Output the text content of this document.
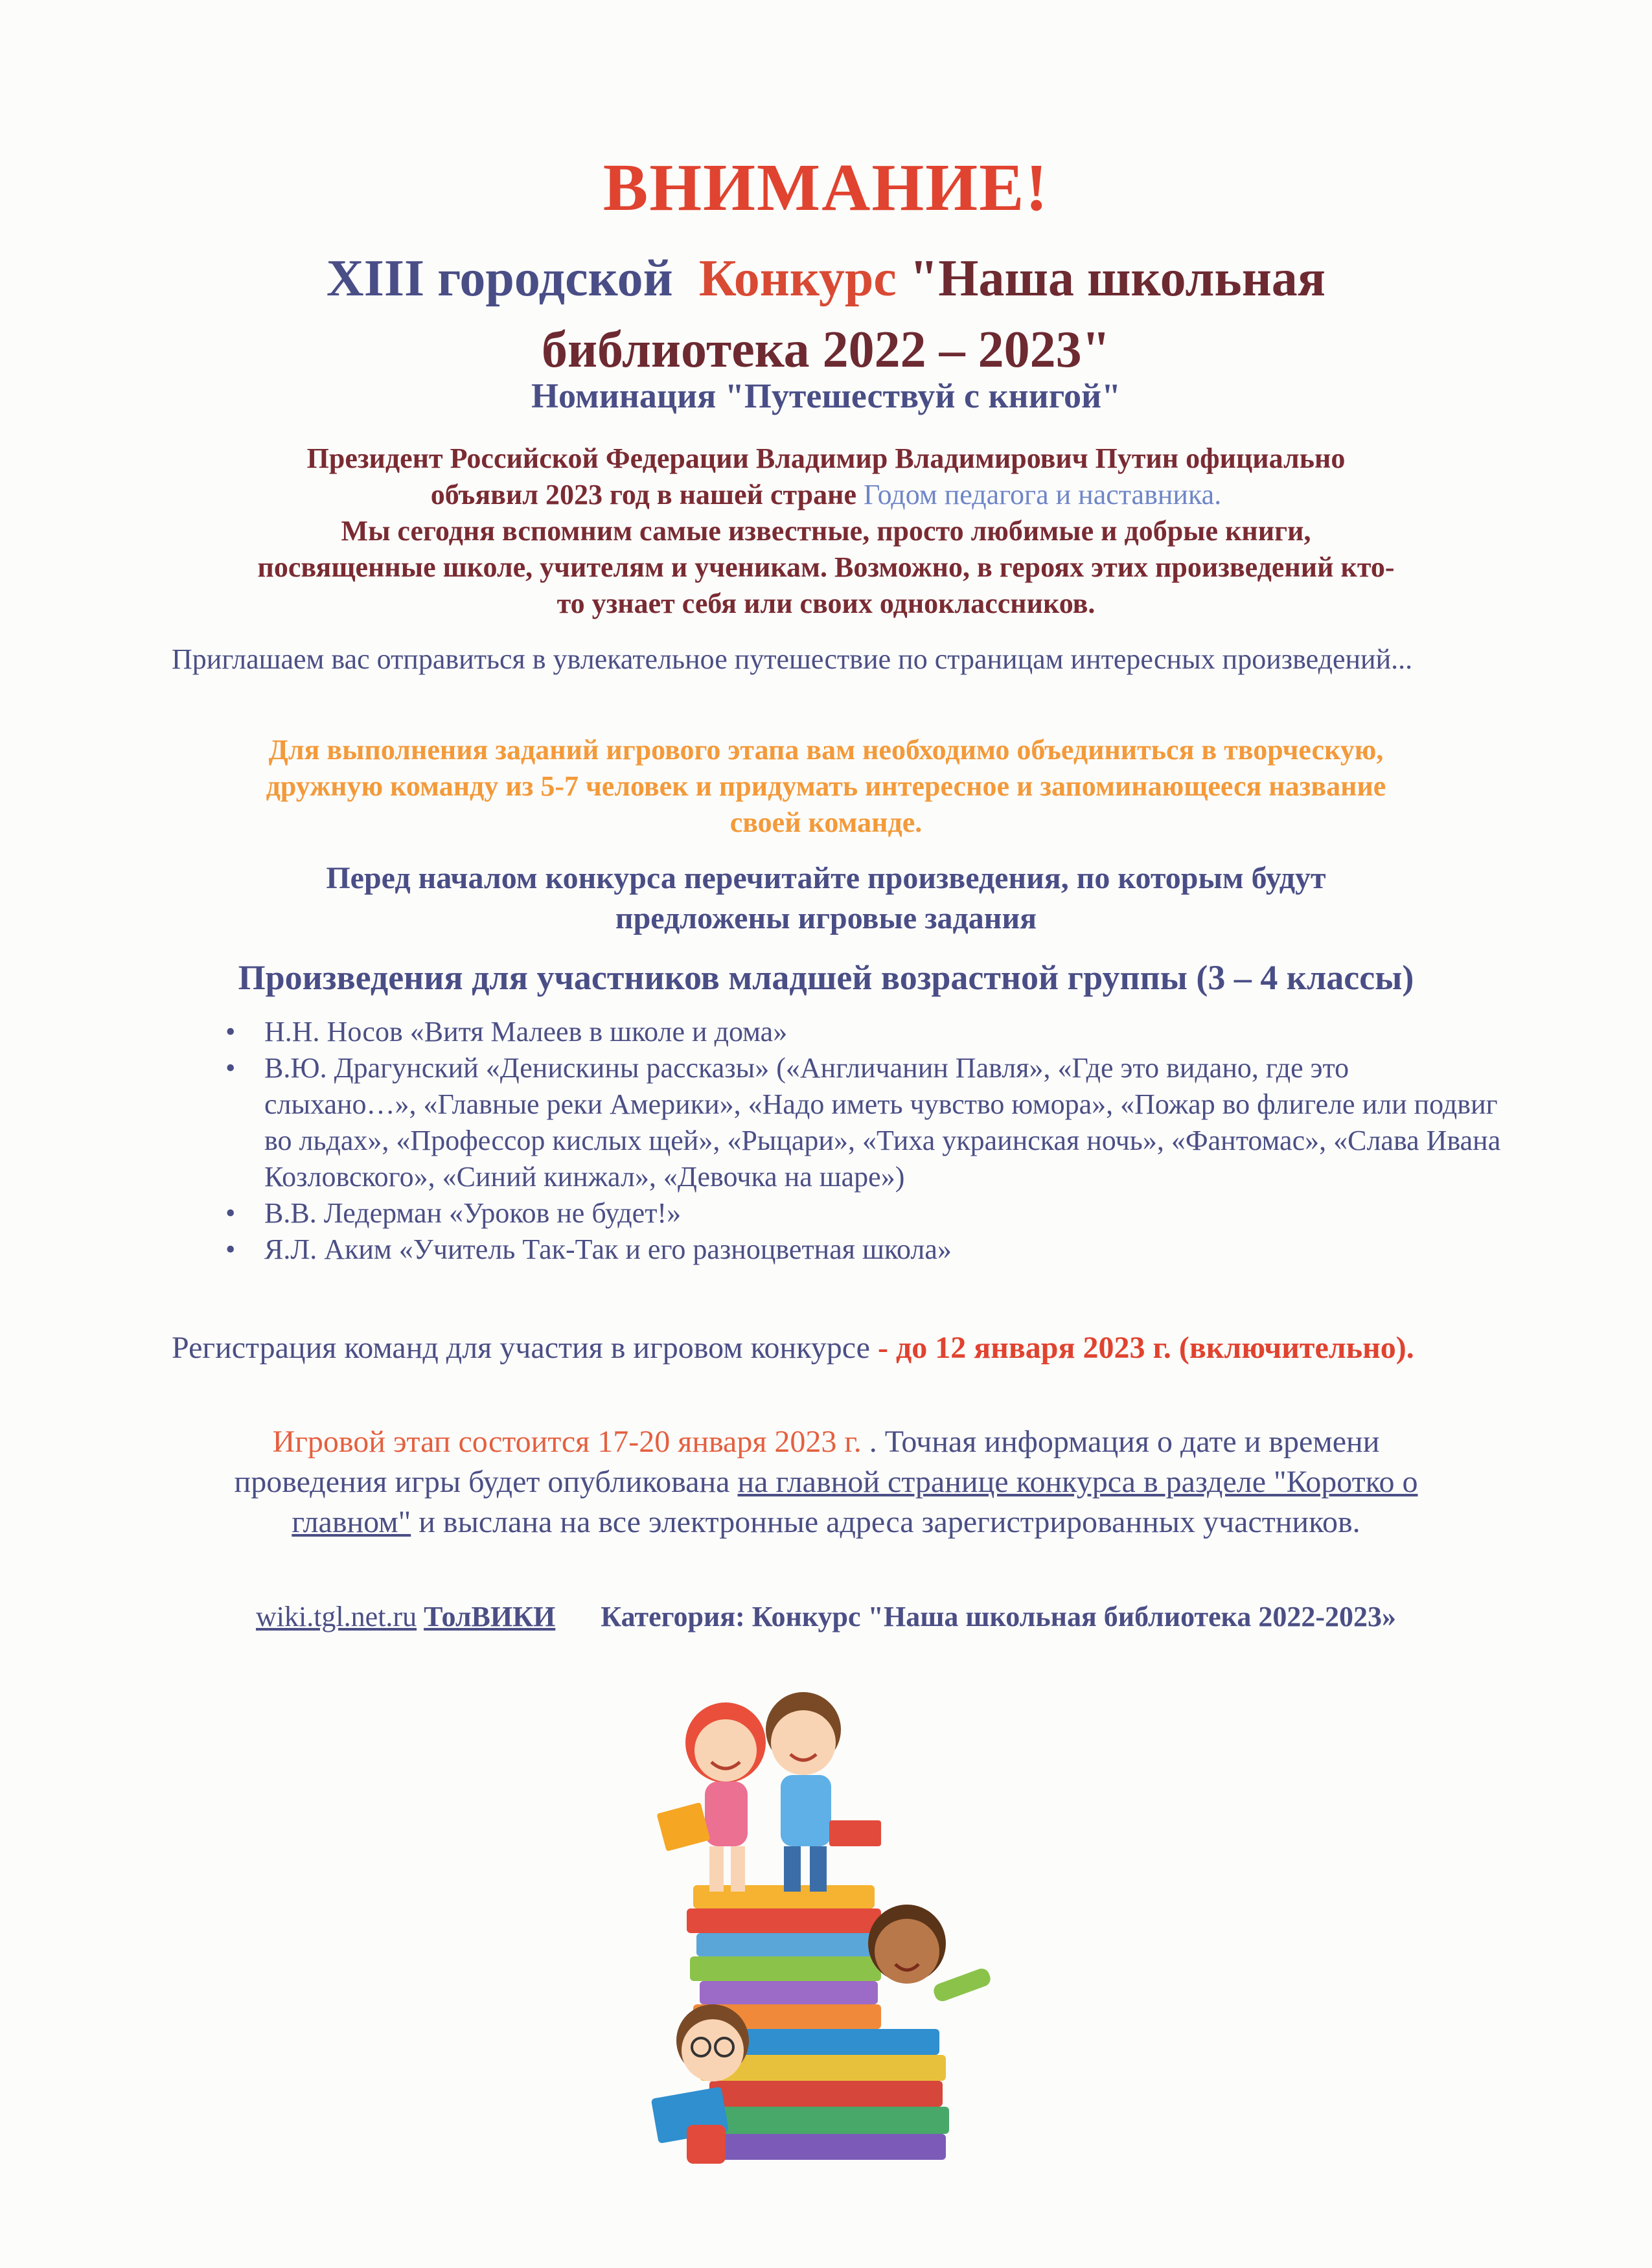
ВНИМАНИЕ!
XIII городской Конкурс "Наша школьная
библиотека 2022 – 2023"
Номинация "Путешествуй с книгой"
Президент Российской Федерации Владимир Владимирович Путин официально
объявил 2023 год в нашей стране Годом педагога и наставника.
Мы сегодня вспомним самые известные, просто любимые и добрые книги,
посвященные школе, учителям и ученикам. Возможно, в героях этих произведений кто-
то узнает себя или своих одноклассников.
Приглашаем вас отправиться в увлекательное путешествие по страницам интересных произведений...
Для выполнения заданий игрового этапа вам необходимо объединиться в творческую,
дружную команду из 5-7 человек и придумать интересное и запоминающееся название
своей команде.
Перед началом конкурса перечитайте произведения, по которым будут
предложены игровые задания
Произведения для участников младшей возрастной группы (3 – 4 классы)
• Н.Н. Носов «Витя Малеев в школе и дома»
• В.Ю. Драгунский «Денискины рассказы» («Англичанин Павля», «Где это видано, где это слыхано…», «Главные реки Америки», «Надо иметь чувство юмора», «Пожар во флигеле или подвиг во льдах», «Профессор кислых щей», «Рыцари», «Тиха украинская ночь», «Фантомас», «Слава Ивана Козловского», «Синий кинжал», «Девочка на шаре»)
• В.В. Ледерман «Уроков не будет!»
• Я.Л. Аким «Учитель Так-Так и его разноцветная школа»
Регистрация команд для участия в игровом конкурсе - до 12 января 2023 г. (включительно).
Игровой этап состоится 17-20 января 2023 г. . Точная информация о дате и времени проведения игры будет опубликована на главной странице конкурса в разделе "Коротко о главном" и выслана на все электронные адреса зарегистрированных участников.
wiki.tgl.net.ru ТолВИКИ Категория: Конкурс "Наша школьная библиотека 2022-2023»
